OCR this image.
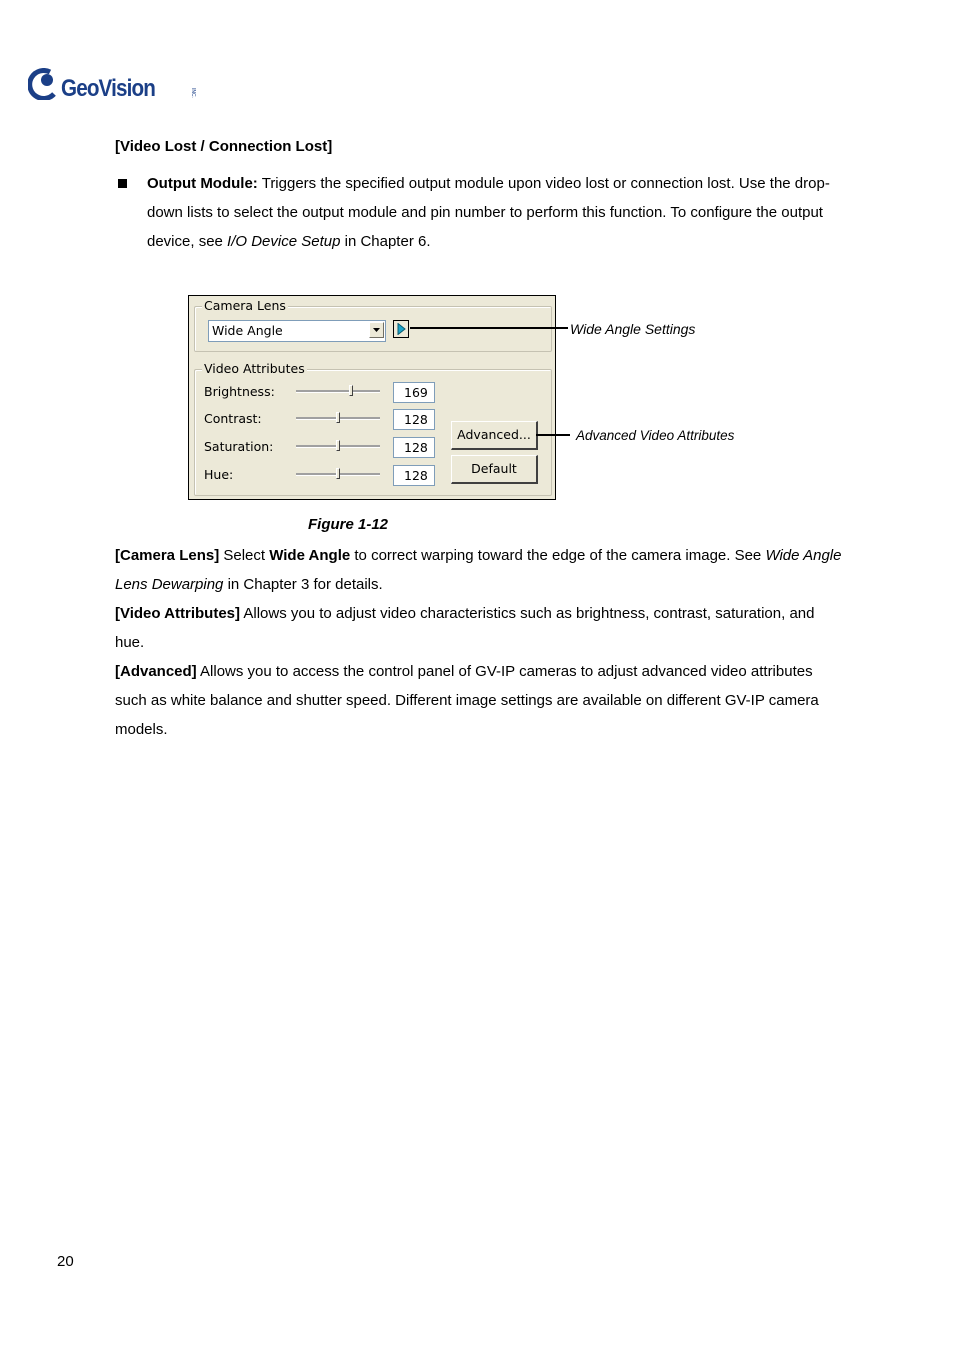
GeoVision	INC.
[Video Lost / Connection Lost]
Output Module: Triggers the specified output module upon video lost or connection lost. Use the drop-down lists to select the output module and pin number to perform this function. To configure the output device, see I/O Device Setup in Chapter 6.
Camera Lens
Wide Angle
Video Attributes
Brightness:	169
Contrast:	128
Saturation:	128
Hue:	128
Advanced...
Default
Wide Angle Settings
Advanced Video Attributes
Figure 1-12
[Camera Lens] Select Wide Angle to correct warping toward the edge of the camera image. See Wide Angle Lens Dewarping in Chapter 3 for details.
[Video Attributes] Allows you to adjust video characteristics such as brightness, contrast, saturation, and hue.
[Advanced] Allows you to access the control panel of GV-IP cameras to adjust advanced video attributes such as white balance and shutter speed. Different image settings are available on different GV-IP camera models.
20
